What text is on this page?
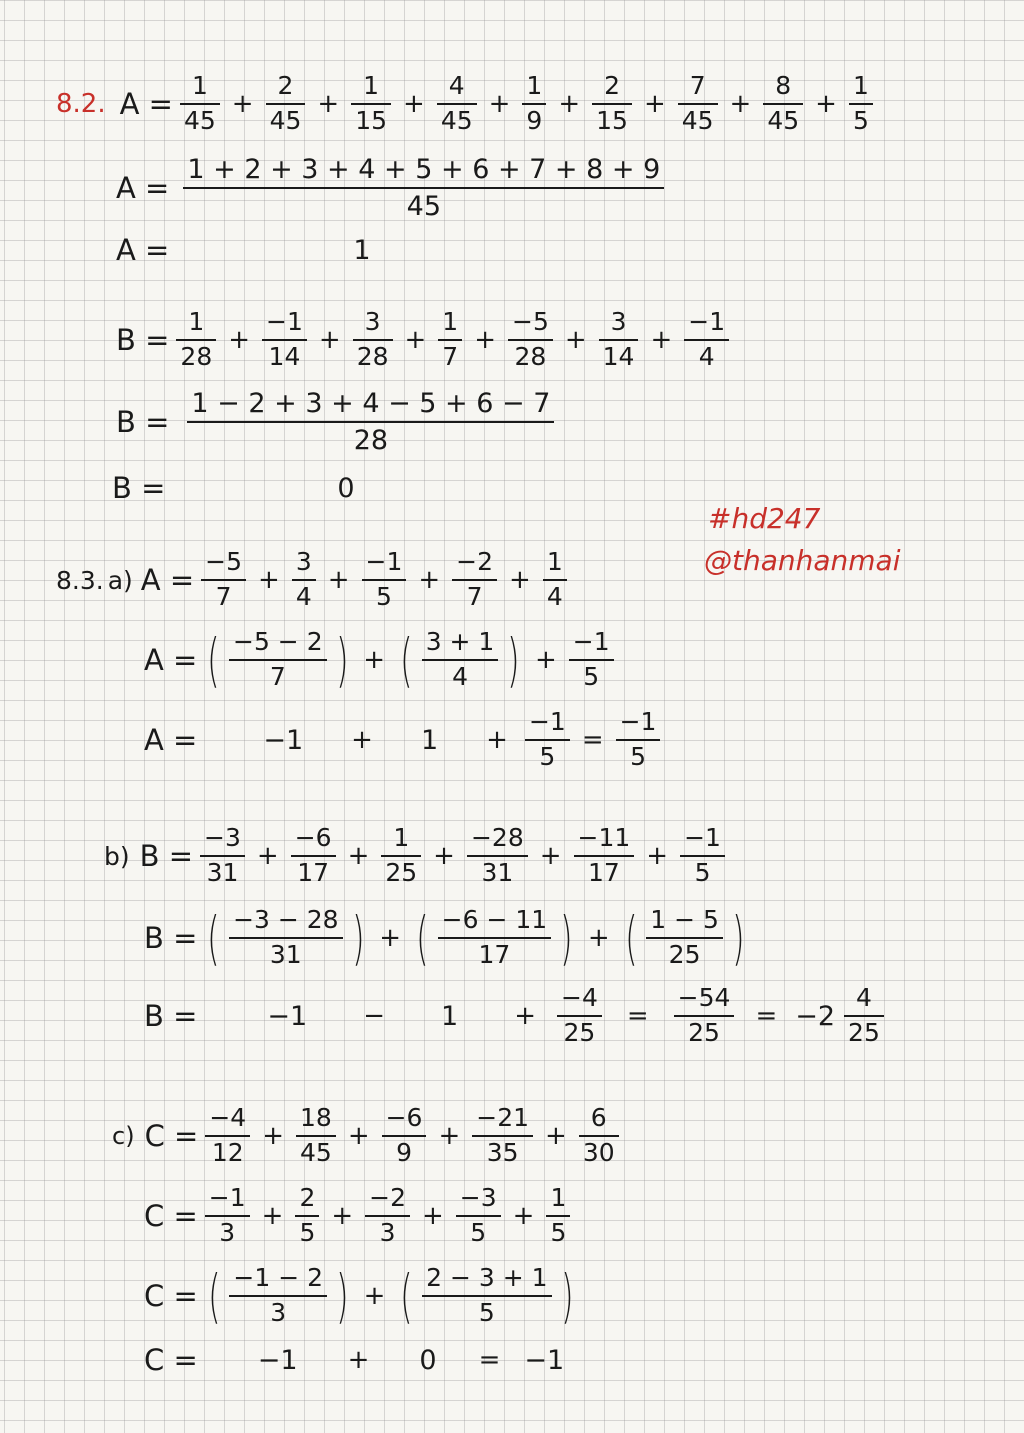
8.2. $A = \frac{1}{45} + \frac{2}{45} + \frac{1}{15} + \frac{4}{45} + \frac{1}{9} + \frac{2}{15} + \frac{7}{45} + \frac{8}{45} + \frac{1}{5}$
$A = \frac{1 + 2 + 3 + 4 + 5 + 6 + 7 + 8 + 9}{45}$
A =	1
$B = \frac{1}{28} + \frac{-1}{14} + \frac{3}{28} + \frac{1}{7} + \frac{-5}{28} + \frac{3}{14} + \frac{-1}{4}$
$B = \frac{1 - 2 + 3 + 4 - 5 + 6 - 7}{28}$
B =	0
#hd247
@thanhanmai
8.3. a) $A = \frac{-5}{7} + \frac{3}{4} + \frac{-1}{5} + \frac{-2}{7} + \frac{1}{4}$
A = ( $\frac{-5 - 2}{7}$ ) + ( $\frac{3 + 1}{4}$ ) + $\frac{-1}{5}$
$A = -1 + 1 + \frac{-1}{5} = \frac{-1}{5}$
b) $B = \frac{-3}{31} + \frac{-6}{17} + \frac{1}{25} + \frac{-28}{31} + \frac{-11}{17} + \frac{-1}{5}$
B = ( $\frac{-3 - 28}{31}$ ) + ( $\frac{-6 - 11}{17}$ ) + ( $\frac{1 - 5}{25}$ )
B =	$-1 - 1 + \frac{-4}{25} = \frac{-54}{25} = -2 \frac{4}{25}$
c) $C = \frac{-4}{12} + \frac{18}{45} + \frac{-6}{9} + \frac{-21}{35} + \frac{6}{30}$
$C = \frac{-1}{3} + \frac{2}{5} + \frac{-2}{3} + \frac{-3}{5} + \frac{1}{5}$
C = ( $\frac{-1 - 2}{3}$ ) + ( $\frac{2 - 3 + 1}{5}$ )
C = −1 + 0 = −1
